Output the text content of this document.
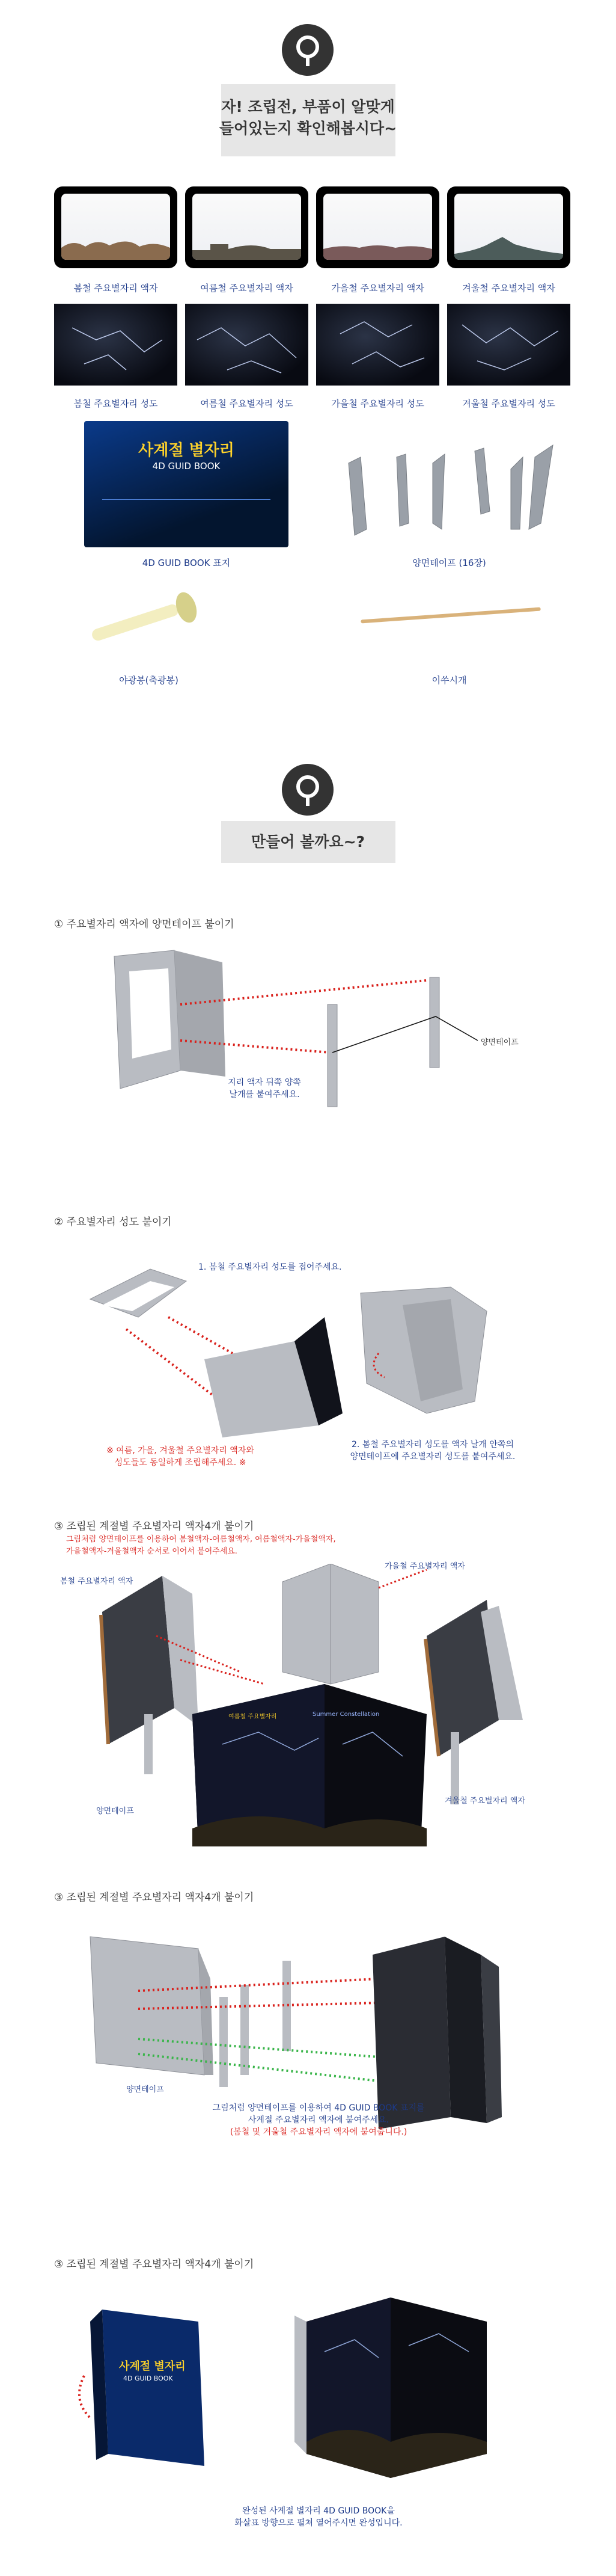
자! 조립전, 부품이 알맞게
들어있는지 확인해봅시다~
봄철 주요별자리 액자	여름철 주요별자리 액자	가을철 주요별자리 액자	겨울철 주요별자리 액자
봄철 주요별자리 성도	여름철 주요별자리 성도	가을철 주요별자리 성도	겨울철 주요별자리 성도
사계절 별자리
4D GUID BOOK
4D GUID BOOK 표지	양면테이프 (16장)
야광봉(축광봉)	이쑤시개
만들어 볼까요~?
① 주요별자리 액자에 양면테이프 붙이기
양면테이프
지리 액자 뒤쪽 양쪽
날개를 붙여주세요.
② 주요별자리 성도 붙이기
1. 봄철 주요별자리 성도를 접어주세요.
※ 여름, 가을, 겨울철 주요별자리 액자와
성도들도 동일하게 조립해주세요. ※
2. 봄철 주요별자리 성도를 액자 날개 안쪽의
양면테이프에 주요별자리 성도를 붙여주세요.
③ 조립된 계절별 주요별자리 액자4개 붙이기
그림처럼 양면테이프를 이용하여 봄철액자-여름철액자, 여름철액자-가을철액자,
가을철액자-겨울철액자 순서로 이어서 붙여주세요.
여름철 주요별자리	Summer Constellation
봄철 주요별자리 액자
가을철 주요별자리 액자
겨울철 주요별자리 액자
양면테이프
③ 조립된 계절별 주요별자리 액자4개 붙이기
양면테이프
그림처럼 양면테이프를 이용하여 4D GUID BOOK 표지를
사계절 주요별자리 액자에 붙여주세요.
(봄철 및 겨울철 주요별자리 액자에 붙여줍니다.)
③ 조립된 계절별 주요별자리 액자4개 붙이기
사계절 별자리
4D GUID BOOK
완성된 사계절 별자리 4D GUID BOOK을
화살표 방향으로 펼쳐 열어주시면 완성입니다.
